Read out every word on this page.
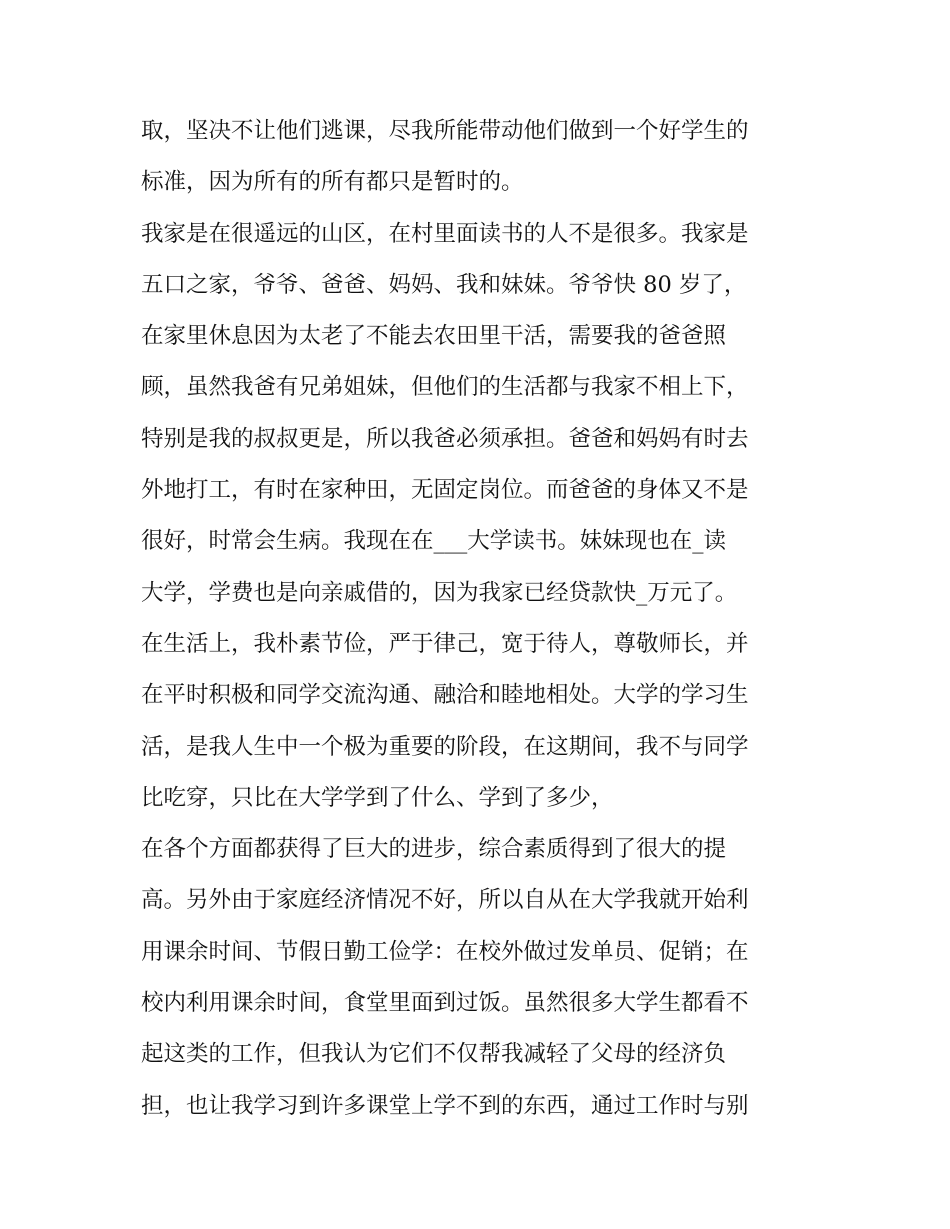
取，坚决不让他们逃课，尽我所能带动他们做到一个好学生的
标准，因为所有的所有都只是暂时的。
我家是在很遥远的山区，在村里面读书的人不是很多。我家是
五口之家，爷爷、爸爸、妈妈、我和妹妹。爷爷快 80 岁了，
在家里休息因为太老了不能去农田里干活，需要我的爸爸照
顾，虽然我爸有兄弟姐妹，但他们的生活都与我家不相上下，
特别是我的叔叔更是，所以我爸必须承担。爸爸和妈妈有时去
外地打工，有时在家种田，无固定岗位。而爸爸的身体又不是
很好，时常会生病。我现在在___大学读书。妹妹现也在_读
大学，学费也是向亲戚借的，因为我家已经贷款快_万元了。
在生活上，我朴素节俭，严于律己，宽于待人，尊敬师长，并
在平时积极和同学交流沟通、融洽和睦地相处。大学的学习生
活，是我人生中一个极为重要的阶段，在这期间，我不与同学
比吃穿，只比在大学学到了什么、学到了多少，
在各个方面都获得了巨大的进步，综合素质得到了很大的提
高。另外由于家庭经济情况不好，所以自从在大学我就开始利
用课余时间、节假日勤工俭学：在校外做过发单员、促销；在
校内利用课余时间，食堂里面到过饭。虽然很多大学生都看不
起这类的工作，但我认为它们不仅帮我减轻了父母的经济负
担，也让我学习到许多课堂上学不到的东西，通过工作时与别
